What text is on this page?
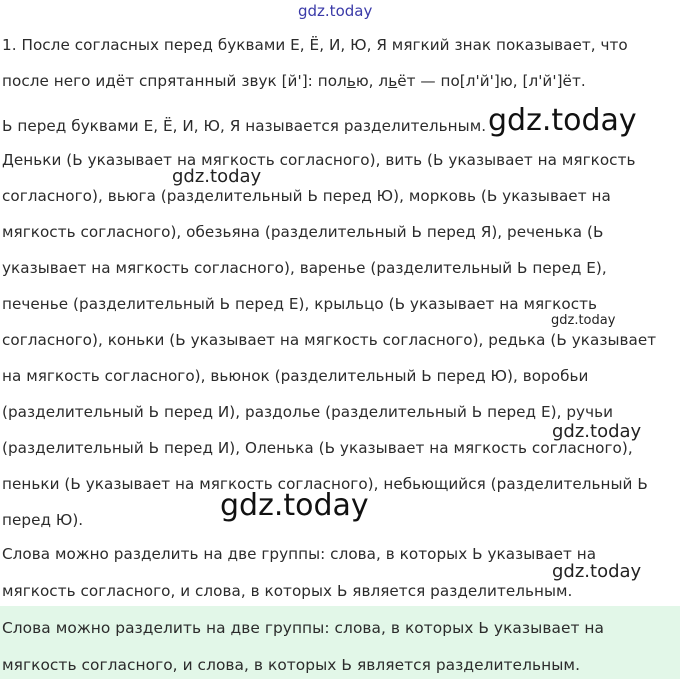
gdz.today
1. После согласных перед буквами Е, Ё, И, Ю, Я мягкий знак показывает, что
после него идёт спрятанный звук [й']: полью, льёт — по[л'й']ю, [л'й']ёт.
Ь перед буквами Е, Ё, И, Ю, Я называется разделительным. gdz.today
gdz.today
gdz.today
gdz.today
gdz.today
gdz.today
Деньки (Ь указывает на мягкость согласного), вить (Ь указывает на мягкость
согласного), вьюга (разделительный Ь перед Ю), морковь (Ь указывает на
мягкость согласного), обезьяна (разделительный Ь перед Я), реченька (Ь
указывает на мягкость согласного), варенье (разделительный Ь перед Е),
печенье (разделительный Ь перед Е), крыльцо (Ь указывает на мягкость
согласного), коньки (Ь указывает на мягкость согласного), редька (Ь указывает
на мягкость согласного), вьюнок (разделительный Ь перед Ю), воробьи
(разделительный Ь перед И), раздолье (разделительный Ь перед Е), ручьи
(разделительный Ь перед И), Оленька (Ь указывает на мягкость согласного),
пеньки (Ь указывает на мягкость согласного), небьющийся (разделительный Ь
перед Ю).
Слова можно разделить на две группы: слова, в которых Ь указывает на
мягкость согласного, и слова, в которых Ь является разделительным.
Слова можно разделить на две группы: слова, в которых Ь указывает на
мягкость согласного, и слова, в которых Ь является разделительным.
